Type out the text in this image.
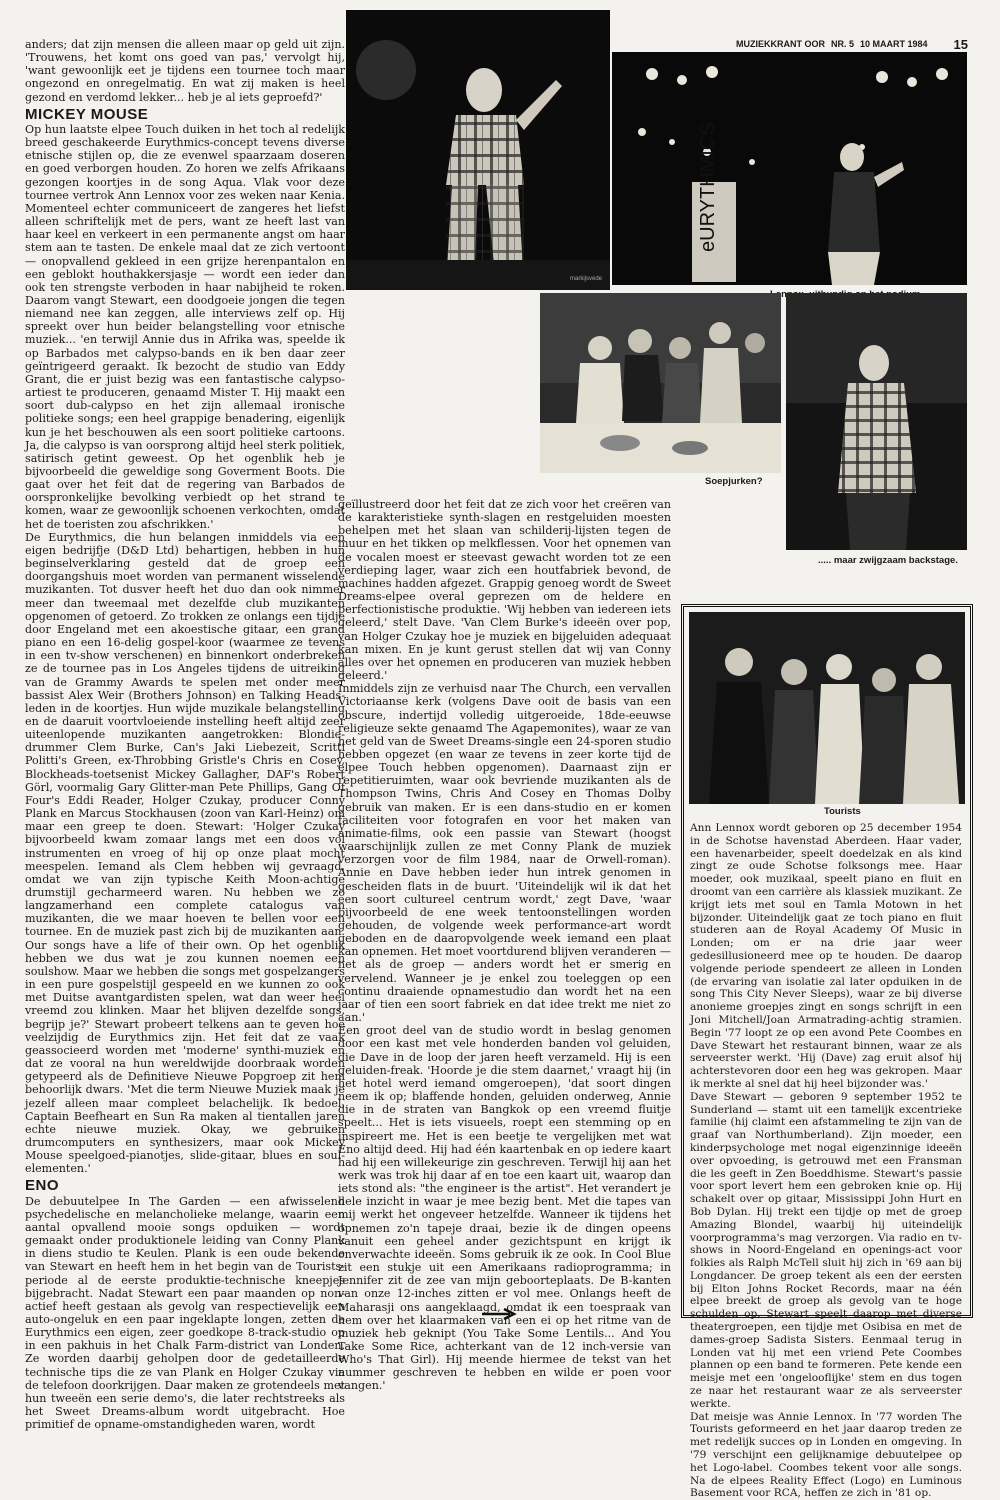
MUZIEKKRANT OOR NR. 5 10 MAART 1984 15

anders; dat zijn mensen die alleen maar op geld uit zijn. 'Trouwens, het komt ons goed van pas,' vervolgt hij, 'want gewoonlijk eet je tijdens een tournee toch maar ongezond en onregelmatig. En wat zij maken is heel gezond en verdomd lekker... heb je al iets geproefd?'

MICKEY MOUSE

Op hun laatste elpee Touch duiken in het toch al redelijk breed geschakeerde Eurythmics-concept tevens diverse etnische stijlen op, die ze evenwel spaarzaam doseren en goed verborgen houden. Zo horen we zelfs Afrikaans gezongen koortjes in de song Aqua. Vlak voor deze tournee vertrok Ann Lennox voor zes weken naar Kenia. Momenteel echter communiceert de zangeres het liefst alleen schriftelijk met de pers, want ze heeft last van haar keel en verkeert in een permanente angst om haar stem aan te tasten. De enkele maal dat ze zich vertoont — onopvallend gekleed in een grijze herenpantalon en een geblokt houthakkersjasje — wordt een ieder dan ook ten strengste verboden in haar nabijheid te roken. Daarom vangt Stewart, een doodgoeie jongen die tegen niemand nee kan zeggen, alle interviews zelf op. Hij spreekt over hun beider belangstelling voor etnische muziek... 'en terwijl Annie dus in Afrika was, speelde ik op Barbados met calypso-bands en ik ben daar zeer geïntrigeerd geraakt. Ik bezocht de studio van Eddy Grant, die er juist bezig was een fantastische calypso-artiest te produceren, genaamd Mister T. Hij maakt een soort dub-calypso en het zijn allemaal ironische politieke songs; een heel grappige benadering, eigenlijk kun je het beschouwen als een soort politieke cartoons. Ja, die calypso is van oorsprong altijd heel sterk politiek, satirisch getint geweest. Op het ogenblik heb je bijvoorbeeld die geweldige song Goverment Boots. Die gaat over het feit dat de regering van Barbados de oorspronkelijke bevolking verbiedt op het strand te komen, waar ze gewoonlijk schoenen verkochten, omdat het de toeristen zou afschrikken.'

De Eurythmics, die hun belangen inmiddels via een eigen bedrijfje (D&D Ltd) behartigen, hebben in hun beginselverklaring gesteld dat de groep een doorgangshuis moet worden van permanent wisselende muzikanten. Tot dusver heeft het duo dan ook nimmer meer dan tweemaal met dezelfde club muzikanten opgenomen of getoerd. Zo trokken ze onlangs een tijdje door Engeland met een akoestische gitaar, een grand piano en een 16-delig gospel-koor (waarmee ze tevens in een tv-show verschenen) en binnenkort onderbreken ze de tournee pas in Los Angeles tijdens de uitreiking van de Grammy Awards te spelen met onder meer bassist Alex Weir (Brothers Johnson) en Talking Heads-leden in de koortjes. Hun wijde muzikale belangstelling en de daaruit voortvloeiende instelling heeft altijd zeer uiteenlopende muzikanten aangetrokken: Blondie-drummer Clem Burke, Can's Jaki Liebezeit, Scritti Politti's Green, ex-Throbbing Gristle's Chris en Cosey, Blockheads-toetsenist Mickey Gallagher, DAF's Robert Görl, voormalig Gary Glitter-man Pete Phillips, Gang Of Four's Eddi Reader, Holger Czukay, producer Conny Plank en Marcus Stockhausen (zoon van Karl-Heinz) om maar een greep te doen. Stewart: 'Holger Czukay bijvoorbeeld kwam zomaar langs met een doos vol instrumenten en vroeg of hij op onze plaat mocht meespelen. Iemand als Clem hebben wij gevraagd, omdat we van zijn typische Keith Moon-achtige drumstijl gecharmeerd waren. Nu hebben we zo langzamerhand een complete catalogus van muzikanten, die we maar hoeven te bellen voor een tournee. En de muziek past zich bij de muzikanten aan. Our songs have a life of their own. Op het ogenblik hebben we dus wat je zou kunnen noemen een soulshow. Maar we hebben die songs met gospelzangers in een pure gospelstijl gespeeld en we kunnen zo ook met Duitse avantgardisten spelen, wat dan weer heel vreemd zou klinken. Maar het blijven dezelfde songs, begrijp je?' Stewart probeert telkens aan te geven hoe veelzijdig de Eurythmics zijn. Het feit dat ze vaak geassocieerd worden met 'moderne' synthi-muziek en dat ze vooral na hun wereldwijde doorbraak worden getypeerd als de Definitieve Nieuwe Popgroep zit hem behoorlijk dwars. 'Met die term Nieuwe Muziek maak je jezelf alleen maar compleet belachelijk. Ik bedoel, Captain Beefheart en Sun Ra maken al tientallen jaren echte nieuwe muziek. Okay, we gebruiken drumcomputers en synthesizers, maar ook Mickey Mouse speelgoed-pianotjes, slide-gitaar, blues en soul-elementen.'

ENO

De debuutelpee In The Garden — een afwisselend psychedelische en melancholieke melange, waarin een aantal opvallend mooie songs opduiken — wordt gemaakt onder produktionele leiding van Conny Plank in diens studio te Keulen. Plank is een oude bekende van Stewart en heeft hem in het begin van de Tourists-periode al de eerste produktie-technische kneepjes bijgebracht. Nadat Stewart een paar maanden op non-actief heeft gestaan als gevolg van respectievelijk een auto-ongeluk en een paar ingeklapte longen, zetten de Eurythmics een eigen, zeer goedkope 8-track-studio op in een pakhuis in het Chalk Farm-district van Londen. Ze worden daarbij geholpen door de gedetailleerde technische tips die ze van Plank en Holger Czukay via de telefoon doorkrijgen. Daar maken ze grotendeels met hun tweeën een serie demo's, die later rechtstreeks als het Sweet Dreams-album wordt uitgebracht. Hoe primitief de opname-omstandigheden waren, wordt

markijsvede
eURYTHMICS
Soepjurken?
..... maar zwijgzaam backstage.

geïllustreerd door het feit dat ze zich voor het creëren van de karakteristieke synth-slagen en restgeluiden moesten behelpen met het slaan van schilderij-lijsten tegen de muur en het tikken op melkflessen. Voor het opnemen van de vocalen moest er steevast gewacht worden tot ze een verdieping lager, waar zich een houtfabriek bevond, de machines hadden afgezet. Grappig genoeg wordt de Sweet Dreams-elpee overal geprezen om de heldere en perfectionistische produktie. 'Wij hebben van iedereen iets geleerd,' stelt Dave. 'Van Clem Burke's ideeën over pop, van Holger Czukay hoe je muziek en bijgeluiden adequaat kan mixen. En je kunt gerust stellen dat wij van Conny alles over het opnemen en produceren van muziek hebben geleerd.'

Inmiddels zijn ze verhuisd naar The Church, een vervallen Victoriaanse kerk (volgens Dave ooit de basis van een obscure, indertijd volledig uitgeroeide, 18de-eeuwse religieuze sekte genaamd The Agapemonites), waar ze van het geld van de Sweet Dreams-single een 24-sporen studio hebben opgezet (en waar ze tevens in zeer korte tijd de elpee Touch hebben opgenomen). Daarnaast zijn er repetitieruimten, waar ook bevriende muzikanten als de Thompson Twins, Chris And Cosey en Thomas Dolby gebruik van maken. Er is een dans-studio en er komen faciliteiten voor fotografen en voor het maken van animatie-films, ook een passie van Stewart (hoogst waarschijnlijk zullen ze met Conny Plank de muziek verzorgen voor de film 1984, naar de Orwell-roman). Annie en Dave hebben ieder hun intrek genomen in gescheiden flats in de buurt. 'Uiteindelijk wil ik dat het een soort cultureel centrum wordt,' zegt Dave, 'waar bijvoorbeeld de ene week tentoonstellingen worden gehouden, de volgende week performance-art wordt geboden en de daaropvolgende week iemand een plaat kan opnemen. Het moet voortdurend blijven veranderen — net als de groep — anders wordt het er smerig en vervelend. Wanneer je je enkel zou toeleggen op een continu draaiende opnamestudio dan wordt het na een jaar of tien een soort fabriek en dat idee trekt me niet zo aan.'

Een groot deel van de studio wordt in beslag genomen door een kast met vele honderden banden vol geluiden, die Dave in de loop der jaren heeft verzameld. Hij is een geluiden-freak. 'Hoorde je die stem daarnet,' vraagt hij (in het hotel werd iemand omgeroepen), 'dat soort dingen neem ik op; blaffende honden, geluiden onderweg, Annie die in de straten van Bangkok op een vreemd fluitje speelt... Het is iets visueels, roept een stemming op en inspireert me. Het is een beetje te vergelijken met wat Eno altijd deed. Hij had één kaartenbak en op iedere kaart had hij een willekeurige zin geschreven. Terwijl hij aan het werk was trok hij daar af en toe een kaart uit, waarop dan iets stond als: "the engineer is the artist". Het verandert je hele inzicht in waar je mee bezig bent. Met die tapes van mij werkt het ongeveer hetzelfde. Wanneer ik tijdens het opnemen zo'n tapeje draai, bezie ik de dingen opeens vanuit een geheel ander gezichtspunt en krijgt ik onverwachte ideeën. Soms gebruik ik ze ook. In Cool Blue zit een stukje uit een Amerikaans radioprogramma; in Jennifer zit de zee van mijn geboorteplaats. De B-kanten van onze 12-inches zitten er vol mee. Onlangs heeft de Maharasji ons aangeklaagd, omdat ik een toespraak van hem over het klaarmaken van een ei op het ritme van de muziek heb geknipt (You Take Some Lentils... And You Take Some Rice, achterkant van de 12 inch-versie van Who's That Girl). Hij meende hiermee de tekst van het nummer geschreven te hebben en wilde er poen voor vangen.'

Tourists

Ann Lennox wordt geboren op 25 december 1954 in de Schotse havenstad Aberdeen. Haar vader, een havenarbeider, speelt doedelzak en als kind zingt ze oude Schotse folksongs mee. Haar moeder, ook muzikaal, speelt piano en fluit en droomt van een carrière als klassiek muzikant. Ze krijgt iets met soul en Tamla Motown in het bijzonder. Uiteindelijk gaat ze toch piano en fluit studeren aan de Royal Academy Of Music in Londen; om er na drie jaar weer gedesillusioneerd mee op te houden. De daarop volgende periode spendeert ze alleen in Londen (de ervaring van isolatie zal later opduiken in de song This City Never Sleeps), waar ze bij diverse anonieme groepjes zingt en songs schrijft in een Joni Mitchell/Joan Armatrading-achtig stramien. Begin '77 loopt ze op een avond Pete Coombes en Dave Stewart het restaurant binnen, waar ze als serveerster werkt. 'Hij (Dave) zag eruit alsof hij achterstevoren door een heg was gekropen. Maar ik merkte al snel dat hij heel bijzonder was.'

Dave Stewart — geboren 9 september 1952 te Sunderland — stamt uit een tamelijk excentrieke familie (hij claimt een afstammeling te zijn van de graaf van Northumberland). Zijn moeder, een kinderpsychologe met nogal eigenzinnige ideeën over opvoeding, is getrouwd met een Fransman die les geeft in Zen Boeddhisme. Stewart's passie voor sport levert hem een gebroken knie op. Hij schakelt over op gitaar, Mississippi John Hurt en Bob Dylan. Hij trekt een tijdje op met de groep Amazing Blondel, waarbij hij uiteindelijk voorprogramma's mag verzorgen. Via radio en tv-shows in Noord-Engeland en openings-act voor folkies als Ralph McTell sluit hij zich in '69 aan bij Longdancer. De groep tekent als een der eersten bij Elton Johns Rocket Records, maar na één elpee breekt de groep als gevolg van te hoge schulden op. Stewart speelt daarop met diverse theatergroepen, een tijdje met Osibisa en met de dames-groep Sadista Sisters. Eenmaal terug in Londen vat hij met een vriend Pete Coombes plannen op een band te formeren. Pete kende een meisje met een 'ongelooflijke' stem en dus togen ze naar het restaurant waar ze als serveerster werkte.

Dat meisje was Annie Lennox. In '77 worden The Tourists geformeerd en het jaar daarop treden ze met redelijk succes op in Londen en omgeving. In '79 verschijnt een gelijknamige debuutelpee op het Logo-label. Coombes tekent voor alle songs. Na de elpees Reality Effect (Logo) en Luminous Basement voor RCA, heffen ze zich in '81 op.
